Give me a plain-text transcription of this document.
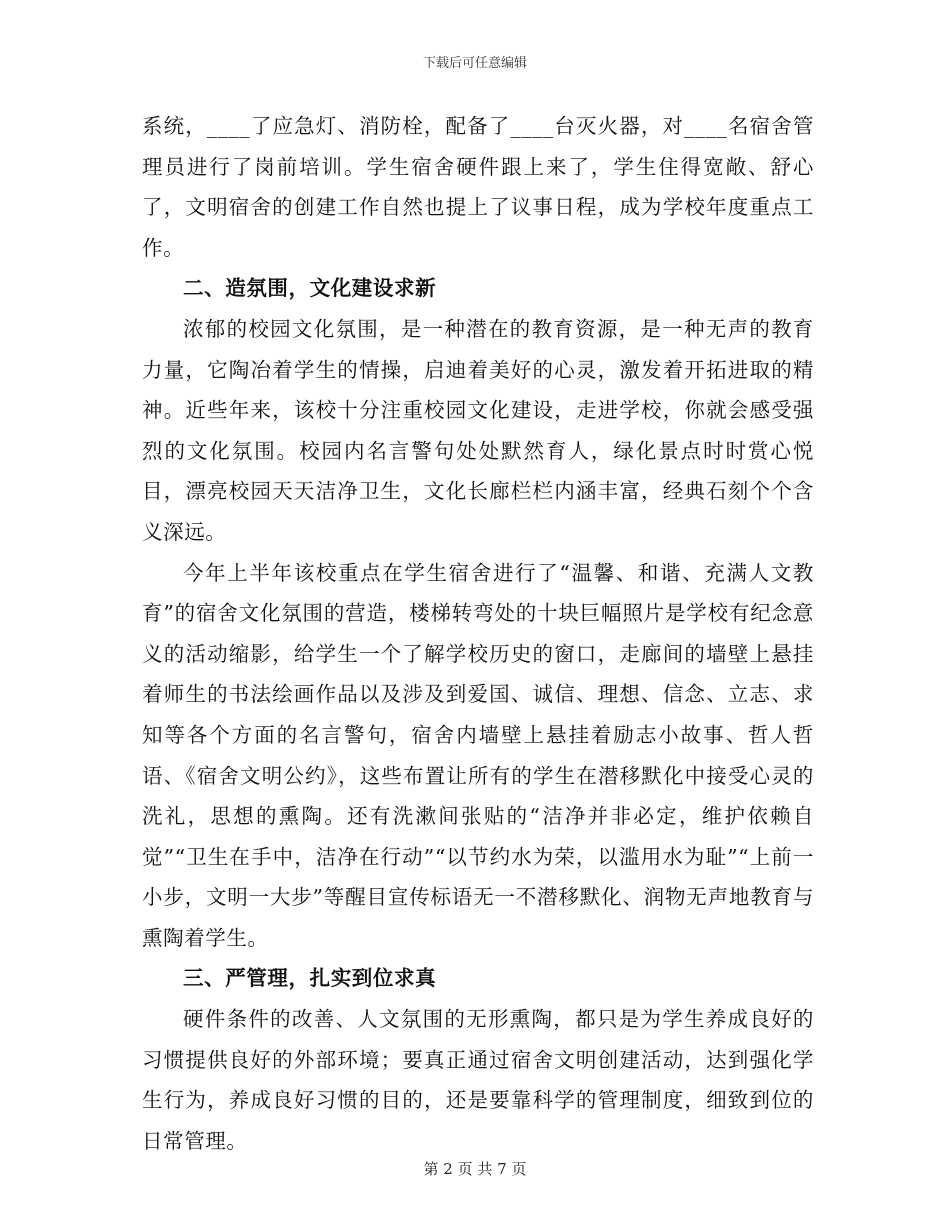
下载后可任意编辑

系统，____了应急灯、消防栓，配备了____台灭火器，对____名宿舍管理员进行了岗前培训。学生宿舍硬件跟上来了，学生住得宽敞、舒心了，文明宿舍的创建工作自然也提上了议事日程，成为学校年度重点工作。

二、造氛围，文化建设求新

浓郁的校园文化氛围，是一种潜在的教育资源，是一种无声的教育力量，它陶冶着学生的情操，启迪着美好的心灵，激发着开拓进取的精神。近些年来，该校十分注重校园文化建设，走进学校，你就会感受强烈的文化氛围。校园内名言警句处处默然育人，绿化景点时时赏心悦目，漂亮校园天天洁净卫生，文化长廊栏栏内涵丰富，经典石刻个个含义深远。

今年上半年该校重点在学生宿舍进行了“温馨、和谐、充满人文教育”的宿舍文化氛围的营造，楼梯转弯处的十块巨幅照片是学校有纪念意义的活动缩影，给学生一个了解学校历史的窗口，走廊间的墙壁上悬挂着师生的书法绘画作品以及涉及到爱国、诚信、理想、信念、立志、求知等各个方面的名言警句，宿舍内墙壁上悬挂着励志小故事、哲人哲语、《宿舍文明公约》，这些布置让所有的学生在潜移默化中接受心灵的洗礼，思想的熏陶。还有洗漱间张贴的“洁净并非必定，维护依赖自觉”“卫生在手中，洁净在行动”“以节约水为荣，以滥用水为耻”“上前一小步，文明一大步”等醒目宣传标语无一不潜移默化、润物无声地教育与熏陶着学生。

三、严管理，扎实到位求真

硬件条件的改善、人文氛围的无形熏陶，都只是为学生养成良好的习惯提供良好的外部环境；要真正通过宿舍文明创建活动，达到强化学生行为，养成良好习惯的目的，还是要靠科学的管理制度，细致到位的日常管理。

第 2 页 共 7 页
